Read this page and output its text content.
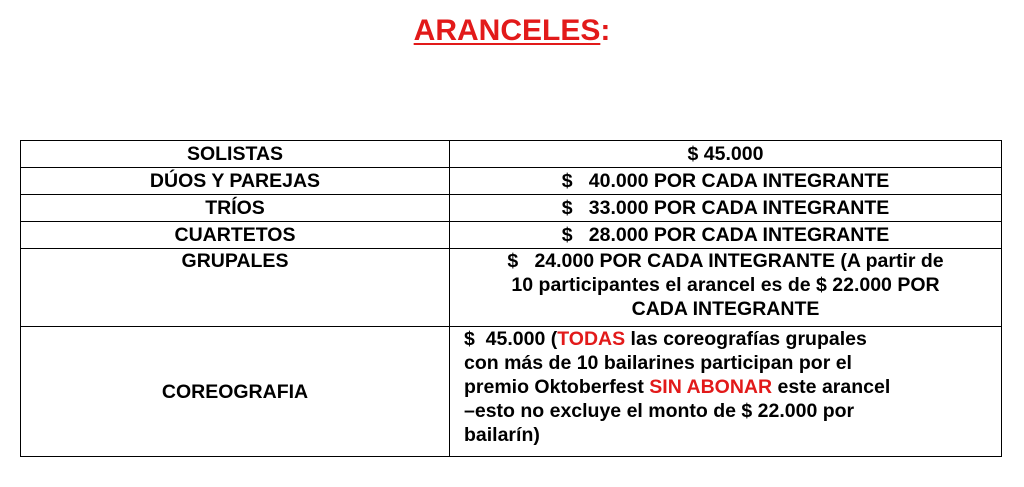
ARANCELES:
SOLISTAS	$ 45.000
DÚOS Y PAREJAS	$   40.000 POR CADA INTEGRANTE
TRÍOS	$   33.000 POR CADA INTEGRANTE
CUARTETOS	$   28.000 POR CADA INTEGRANTE
GRUPALES	$   24.000 POR CADA INTEGRANTE (A partir de
10 participantes el arancel es de $ 22.000 POR
CADA INTEGRANTE

COREOGRAFIA	$  45.000 (TODAS las coreografías grupales
con más de 10 bailarines participan por el
premio Oktoberfest SIN ABONAR este arancel
–esto no excluye el monto de $ 22.000 por
bailarín)
